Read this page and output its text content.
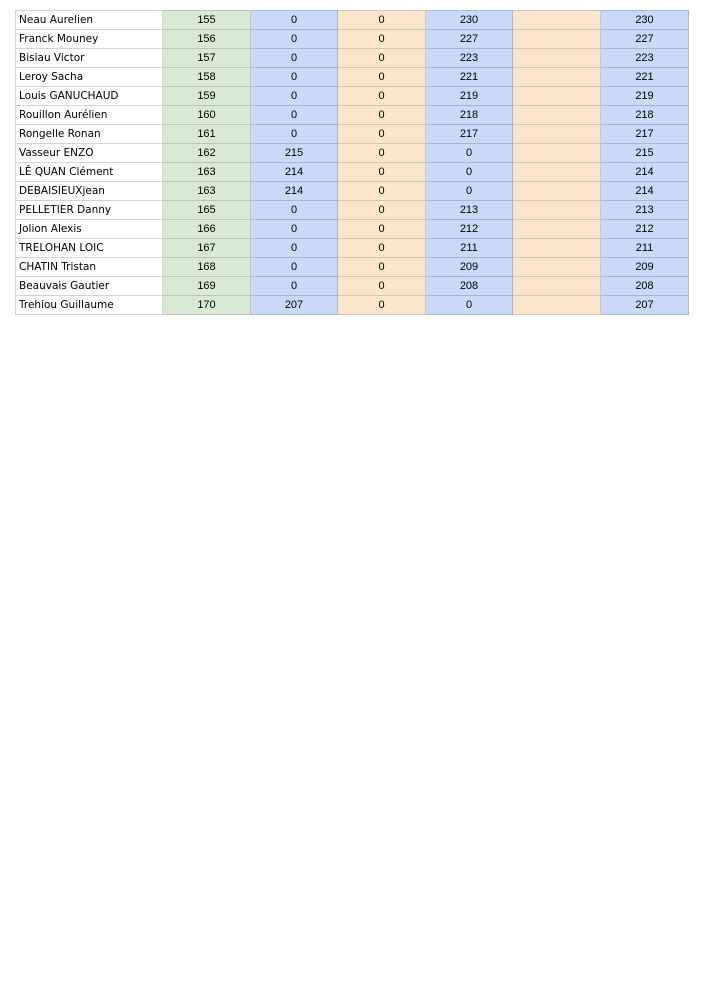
Neau Aurelien	155	0	0	230		230
Franck Mouney	156	0	0	227		227
Bisiau Victor	157	0	0	223		223
Leroy Sacha	158	0	0	221		221
Louis GANUCHAUD	159	0	0	219		219
Rouillon Aurélien	160	0	0	218		218
Rongelle Ronan	161	0	0	217		217
Vasseur ENZO	162	215	0	0		215
LÊ QUAN Clément	163	214	0	0		214
DEBAISIEUXjean	163	214	0	0		214
PELLETIER Danny	165	0	0	213		213
Jolion Alexis	166	0	0	212		212
TRELOHAN LOIC	167	0	0	211		211
CHATIN Tristan	168	0	0	209		209
Beauvais Gautier	169	0	0	208		208
Trehiou Guillaume	170	207	0	0		207
